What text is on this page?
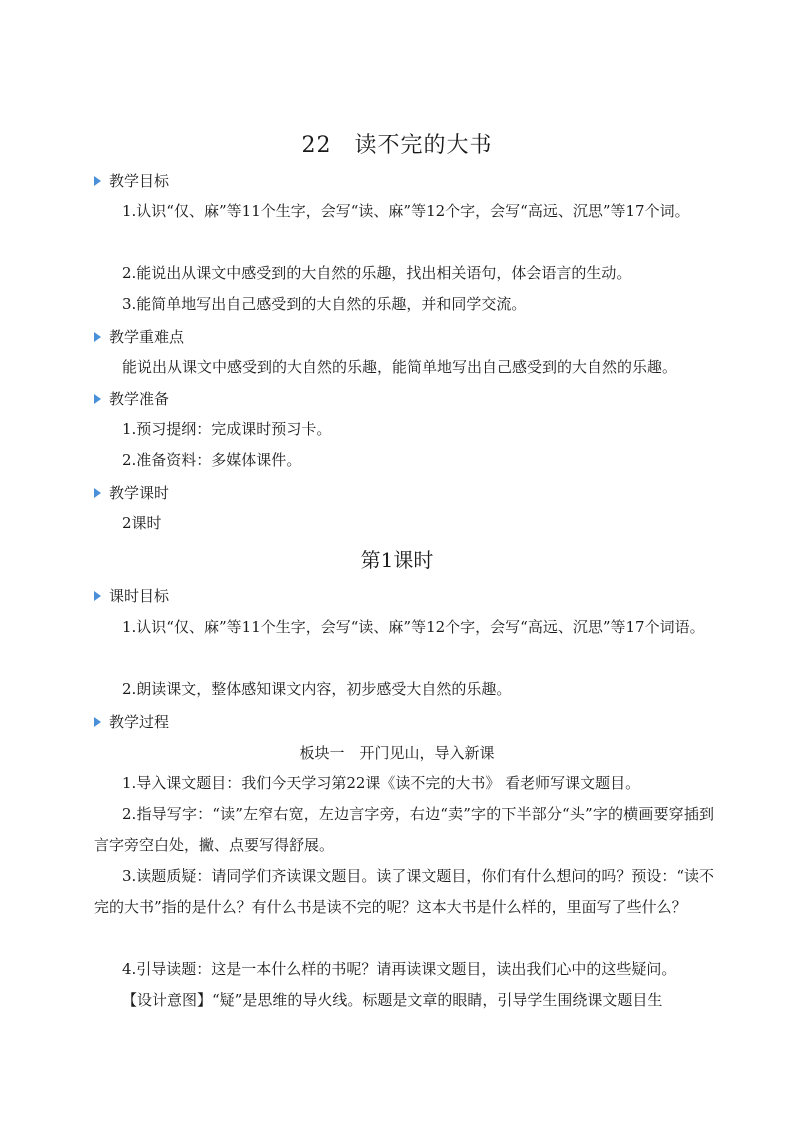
22　读不完的大书
教学目标
1.认识“仅、麻”等11个生字，会写“读、麻”等12个字，会写“高远、沉思”等17个词。
2.能说出从课文中感受到的大自然的乐趣，找出相关语句，体会语言的生动。
3.能简单地写出自己感受到的大自然的乐趣，并和同学交流。
教学重难点
能说出从课文中感受到的大自然的乐趣，能简单地写出自己感受到的大自然的乐趣。
教学准备
1.预习提纲：完成课时预习卡。
2.准备资料：多媒体课件。
教学课时
2课时
第1课时
课时目标
1.认识“仅、麻”等11个生字，会写“读、麻”等12个字，会写“高远、沉思”等17个词语。
2.朗读课文，整体感知课文内容，初步感受大自然的乐趣。
教学过程
板块一　开门见山，导入新课
1.导入课文题目：我们今天学习第22课《读不完的大书》 看老师写课文题目。
2.指导写字：“读”左窄右宽，左边言字旁，右边“卖”字的下半部分“头”字的横画要穿插到言字旁空白处，撇、点要写得舒展。
3.读题质疑：请同学们齐读课文题目。读了课文题目，你们有什么想问的吗？预设：“读不完的大书”指的是什么？有什么书是读不完的呢？这本大书是什么样的，里面写了些什么？
4.引导读题：这是一本什么样的书呢？请再读课文题目，读出我们心中的这些疑问。
【设计意图】“疑”是思维的导火线。标题是文章的眼睛，引导学生围绕课文题目生
